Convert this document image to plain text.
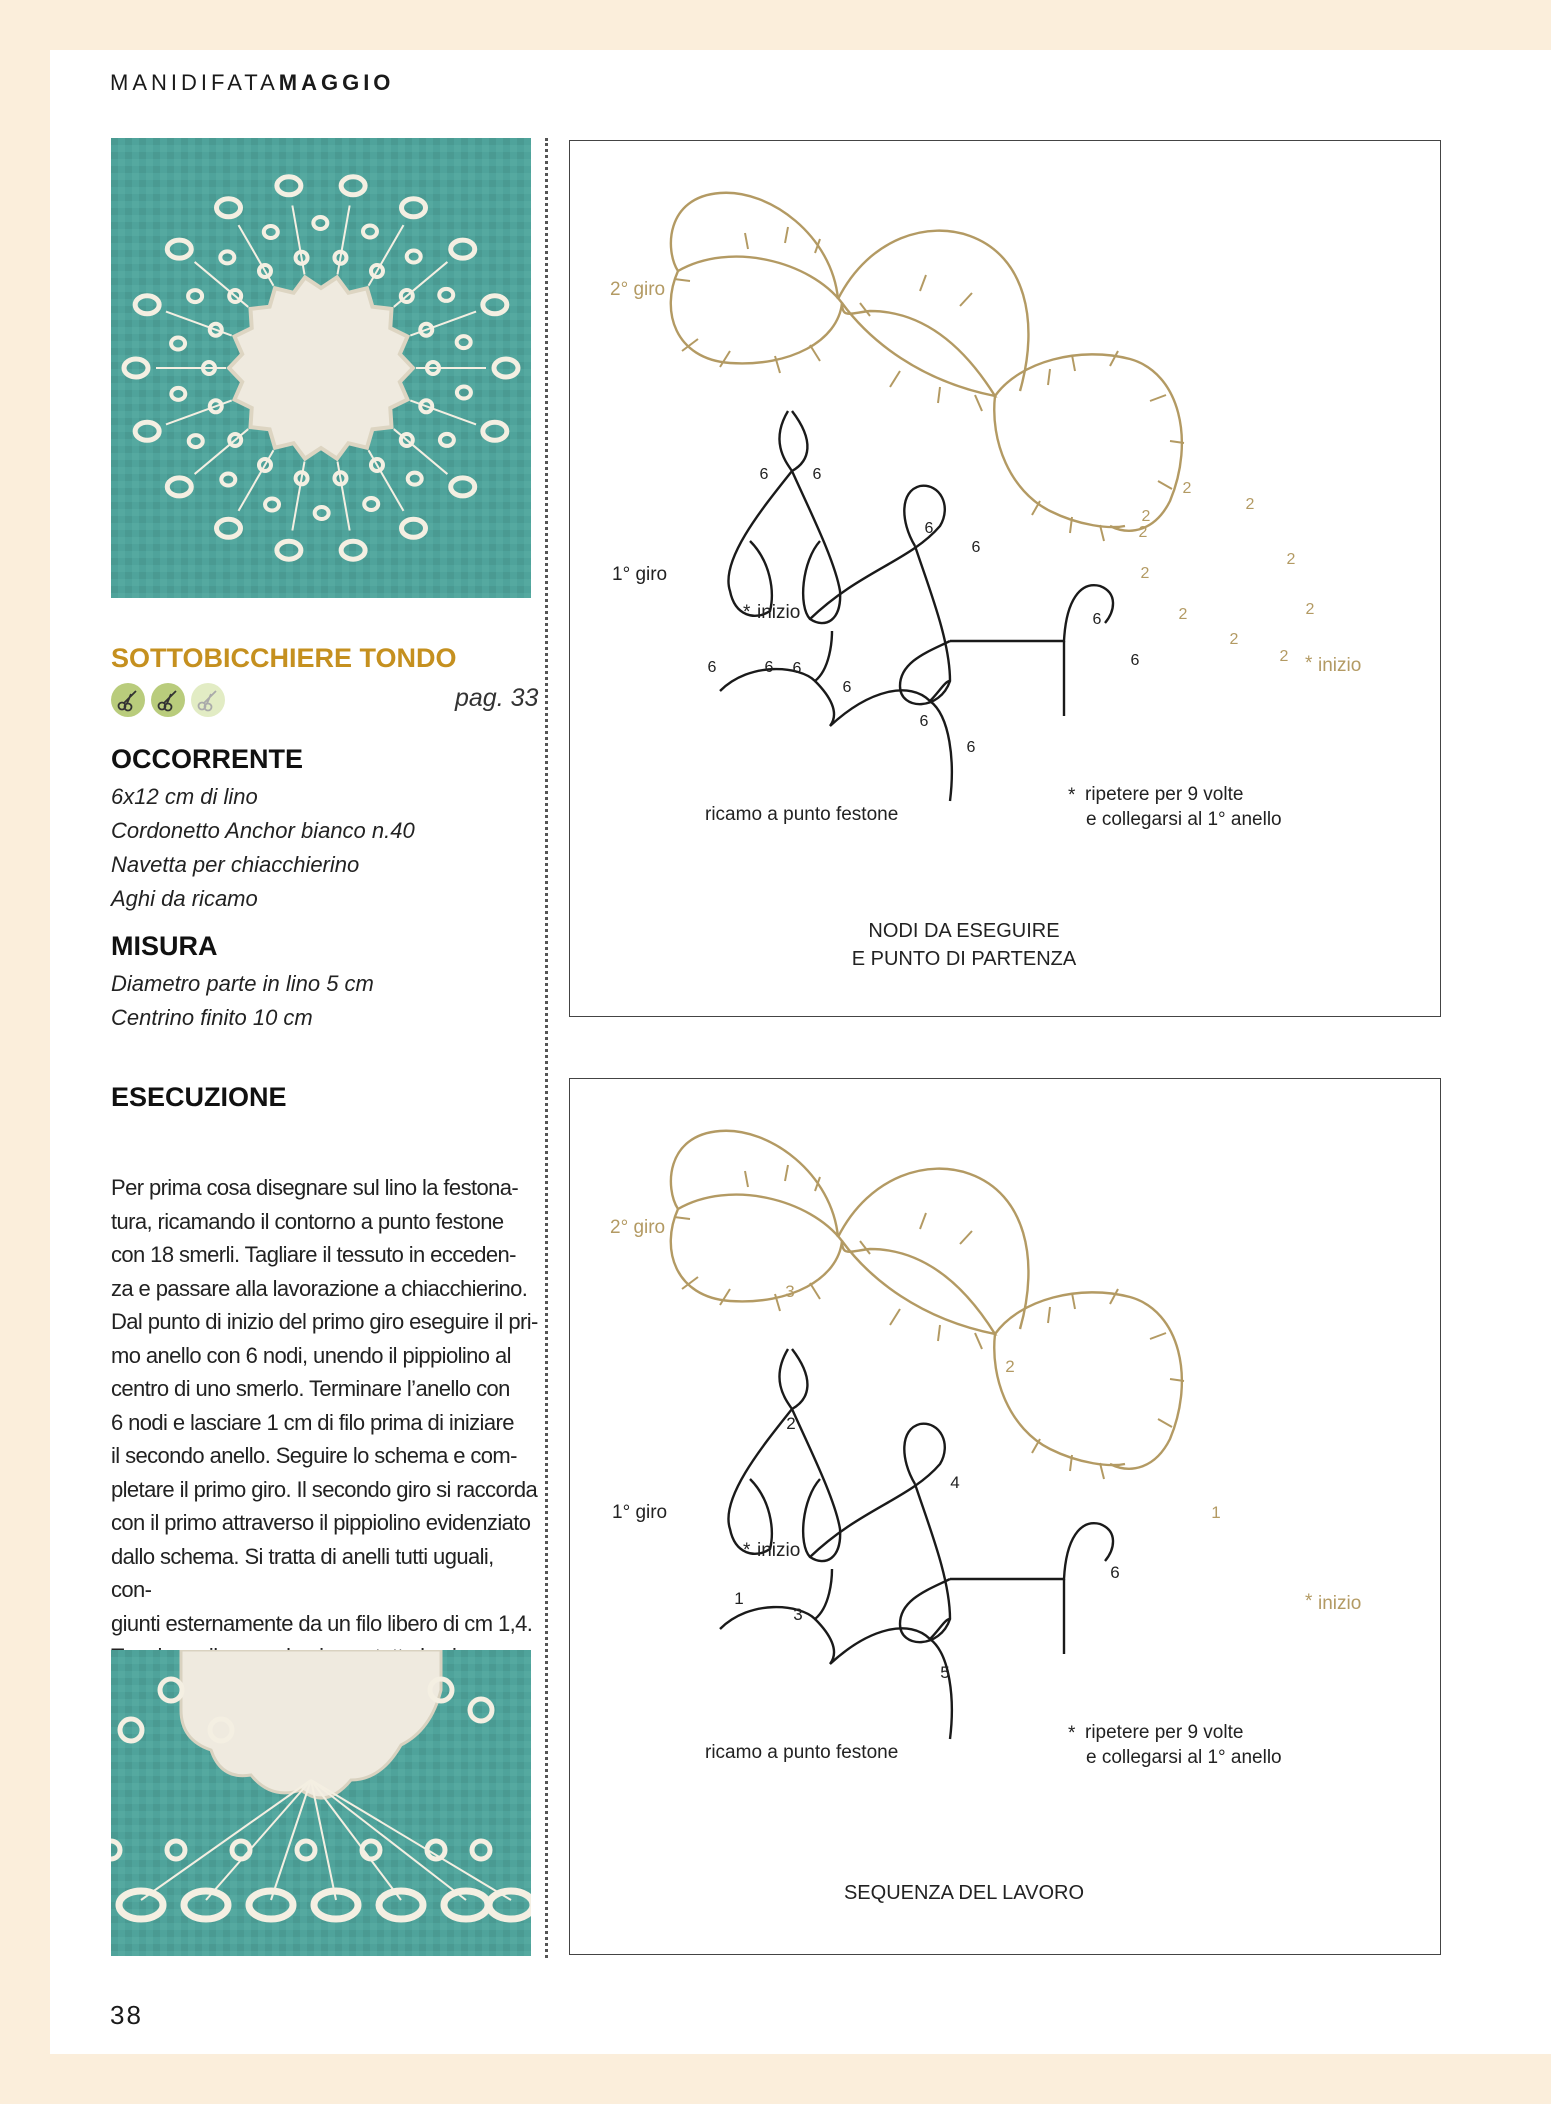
MANIDIFATAMAGGIO
SOTTOBICCHIERE TONDO
pag. 33
OCCORRENTE
6x12 cm di lino
Cordonetto Anchor bianco n.40
Navetta per chiacchierino
Aghi da ricamo
MISURA
Diametro parte in lino 5 cm
Centrino finito 10 cm
ESECUZIONE
Per prima cosa disegnare sul lino la festona-
tura, ricamando il contorno a punto festone
con 18 smerli. Tagliare il tessuto in ecceden-
za e passare alla lavorazione a chiacchierino.
Dal punto di inizio del primo giro eseguire il pri-
mo anello con 6 nodi, unendo il pippiolino al
centro di uno smerlo. Terminare l’anello con
6 nodi e lasciare 1 cm di filo prima di iniziare
il secondo anello. Seguire lo schema e com-
pletare il primo giro. Il secondo giro si raccorda
con il primo attraverso il pippiolino evidenziato
dallo schema. Si tratta di anelli tutti uguali, con-
giunti esternamente da un filo libero di cm 1,4.
38
2° giro
1° giro
* inizio
* inizio
ricamo a punto festone
* ripetere per 9 volte
e collegarsi al 1° anello
NODI DA ESEGUIRE
E PUNTO DI PARTENZA
6	6
6	6 6
6
6
6
6
6
6
6
2
2
2
2
2
2
2
2
2
2
2° giro
1° giro
* inizio
* inizio
ricamo a punto festone
* ripetere per 9 volte
e collegarsi al 1° anello
SEQUENZA DEL LAVORO
1
2
3
4
5
6
1
2
3
